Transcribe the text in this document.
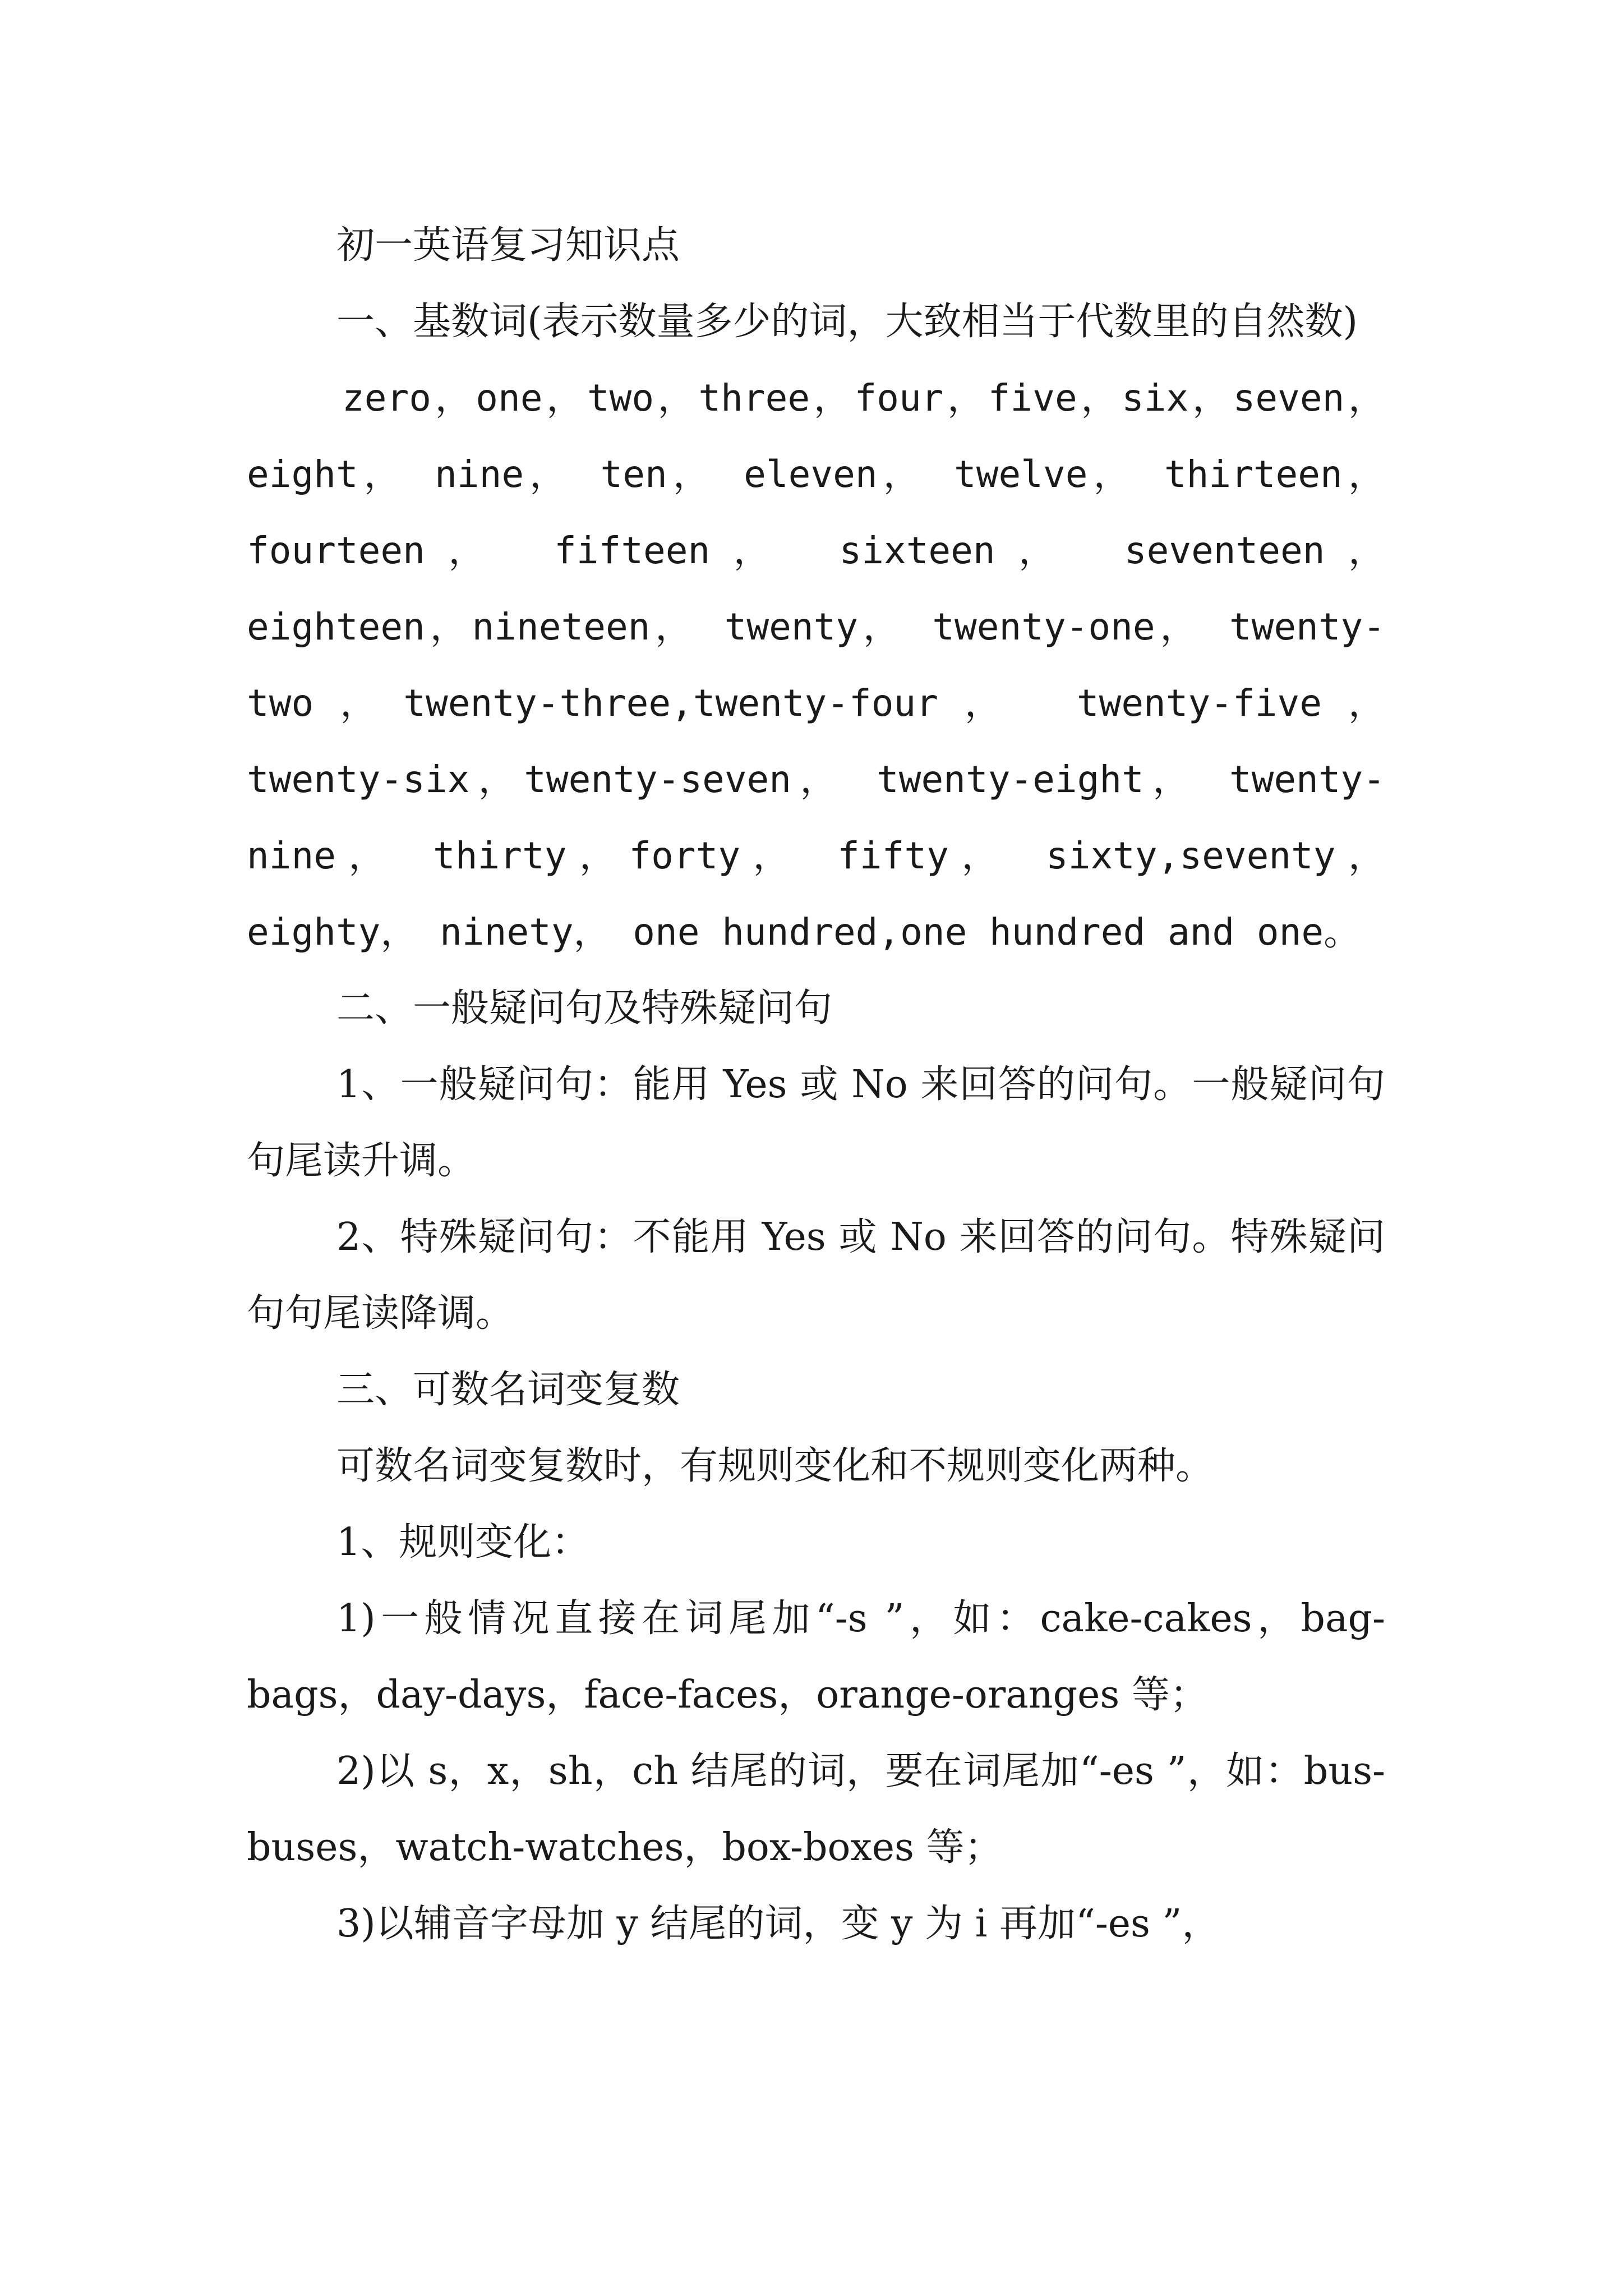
初一英语复习知识点

一、基数词(表示数量多少的词，大致相当于代数里的自然数)

zero，one，two，three，four，five，six，seven，eight， nine， ten， eleven， twelve， thirteen，fourteen， fifteen， sixteen， seventeen， eighteen，nineteen， twenty， twenty-one， twenty-two，twenty-three,twenty-four， twenty-five， twenty-six，twenty-seven， twenty-eight， twenty-nine， thirty，forty， fifty， sixty,seventy， eighty， ninety， one hundred,one hundred and one。

二、一般疑问句及特殊疑问句

1、一般疑问句：能用 Yes 或 No 来回答的问句。一般疑问句句尾读升调。

2、特殊疑问句：不能用 Yes 或 No 来回答的问句。特殊疑问句句尾读降调。

三、可数名词变复数

可数名词变复数时，有规则变化和不规则变化两种。

1、规则变化：

1)一般情况直接在词尾加“-s ”，如：cake-cakes，bag-bags，day-days，face-faces，orange-oranges 等；

2)以 s，x，sh，ch 结尾的词，要在词尾加“-es ”，如：bus-buses，watch-watches，box-boxes 等；

3)以辅音字母加 y 结尾的词，变 y 为 i 再加“-es ”，
